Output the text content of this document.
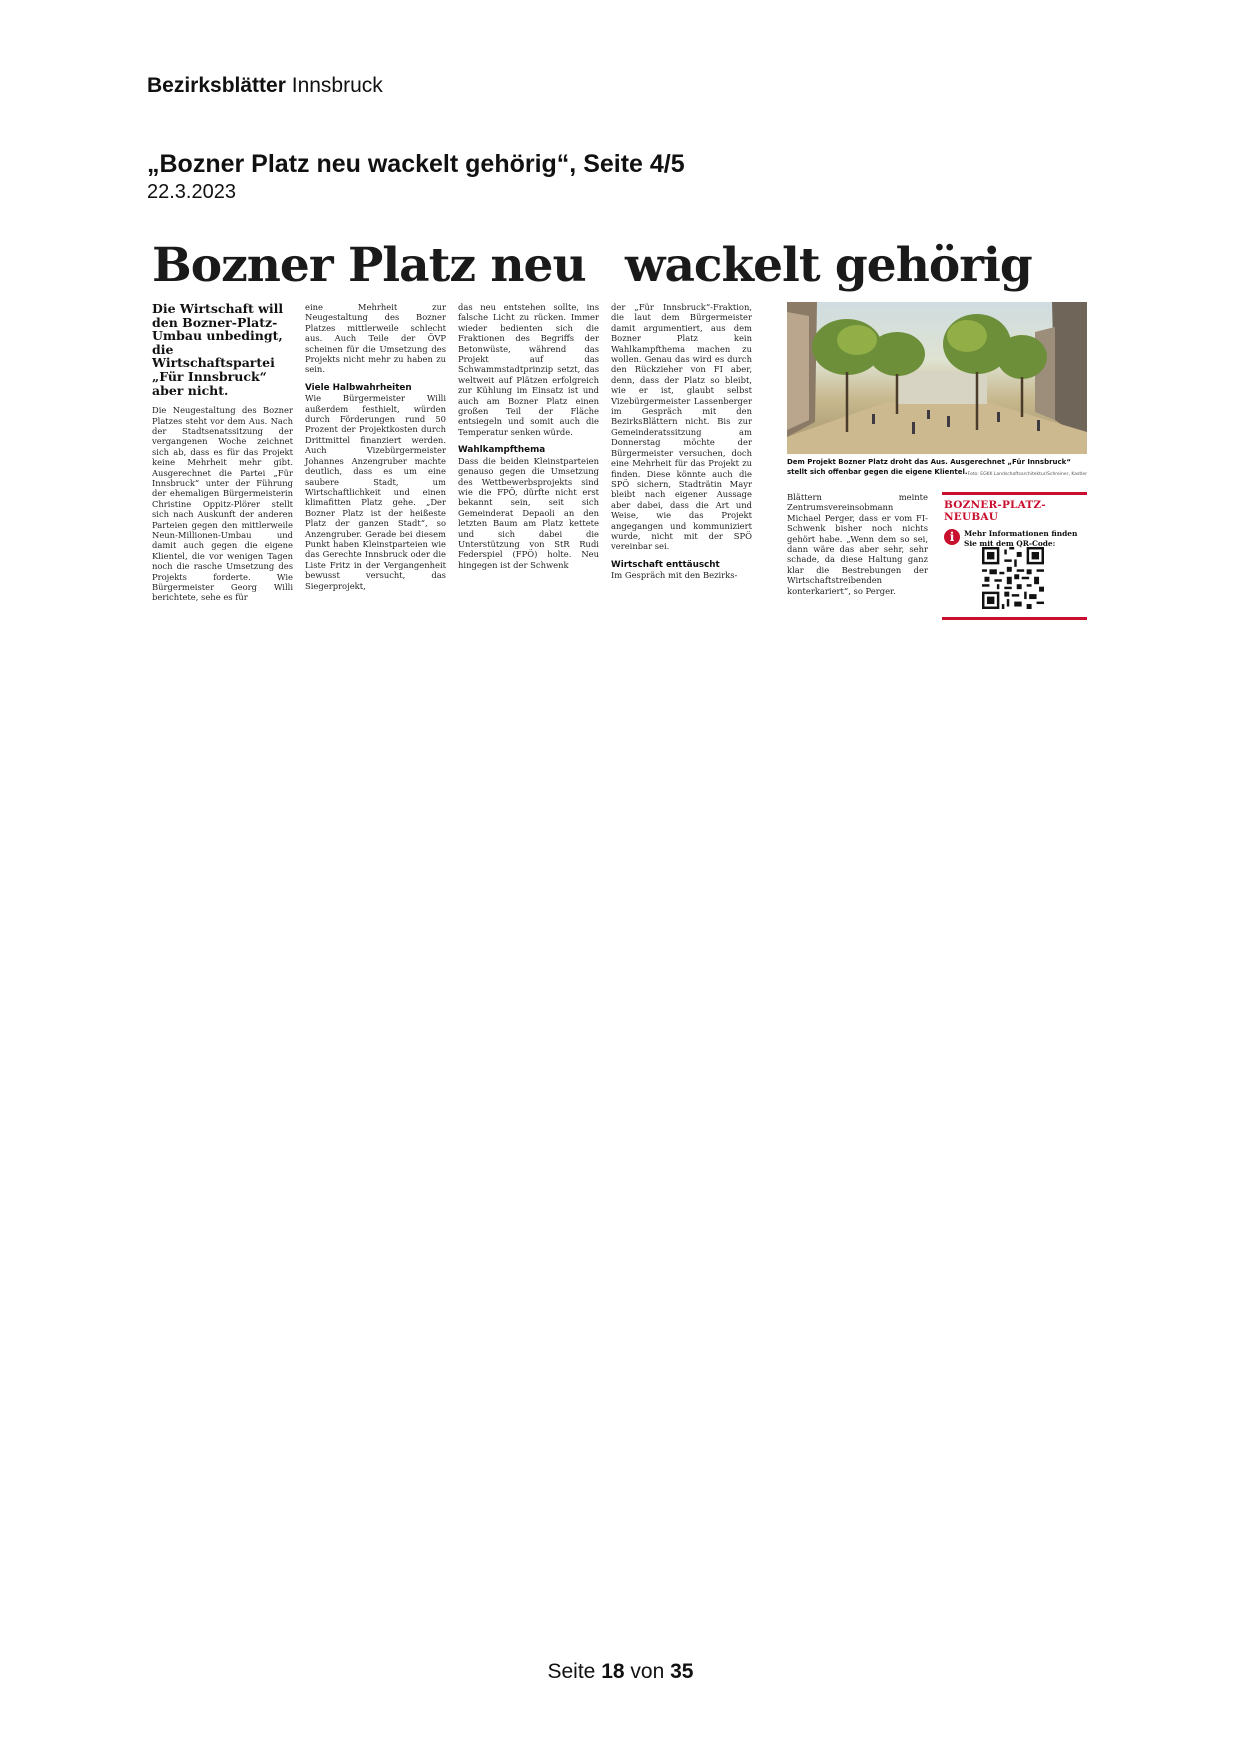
Bezirksblätter Innsbruck
„Bozner Platz neu wackelt gehörig“, Seite 4/5
22.3.2023
Bozner Platz neu wackelt gehörig

Die Wirtschaft will den Bozner-Platz-Umbau unbedingt, die Wirtschaftspartei „Für Innsbruck“ aber nicht.

Die Neugestaltung des Bozner Platzes steht vor dem Aus. Nach der Stadtsenatssitzung der vergangenen Woche zeichnet sich ab, dass es für das Projekt keine Mehrheit mehr gibt. Ausgerechnet die Partei „Für Innsbruck“ unter der Führung der ehemaligen Bürgermeisterin Christine Oppitz-Plörer stellt sich nach Auskunft der anderen Parteien gegen den mittlerweile Neun-Millionen-Umbau und damit auch gegen die eigene Klientel, die vor wenigen Tagen noch die rasche Umsetzung des Projekts forderte. Wie Bürgermeister Georg Willi berichtete, sehe es für

eine Mehrheit zur Neugestaltung des Bozner Platzes mittlerweile schlecht aus. Auch Teile der ÖVP scheinen für die Umsetzung des Projekts nicht mehr zu haben zu sein.

Viele Halbwahrheiten

Wie Bürgermeister Willi außerdem festhielt, würden durch Förderungen rund 50 Prozent der Projektkosten durch Drittmittel finanziert werden. Auch Vizebürgermeister Johannes Anzengruber machte deutlich, dass es um eine saubere Stadt, um Wirtschaftlichkeit und einen klimafitten Platz gehe. „Der Bozner Platz ist der heißeste Platz der ganzen Stadt“, so Anzengruber. Gerade bei diesem Punkt haben Kleinstparteien wie das Gerechte Innsbruck oder die Liste Fritz in der Vergangenheit bewusst versucht, das Siegerprojekt,

das neu entstehen sollte, ins falsche Licht zu rücken. Immer wieder bedienten sich die Fraktionen des Begriffs der Betonwüste, während das Projekt auf das Schwammstadtprinzip setzt, das weltweit auf Plätzen erfolgreich zur Kühlung im Einsatz ist und auch am Bozner Platz einen großen Teil der Fläche entsiegeln und somit auch die Temperatur senken würde.

Wahlkampfthema

Dass die beiden Kleinstparteien genauso gegen die Umsetzung des Wettbewerbsprojekts sind wie die FPÖ, dürfte nicht erst bekannt sein, seit sich Gemeinderat Depaoli an den letzten Baum am Platz kettete und sich dabei die Unterstützung von StR Rudi Federspiel (FPÖ) holte. Neu hingegen ist der Schwenk

der „Für Innsbruck“-Fraktion, die laut dem Bürgermeister damit argumentiert, aus dem Bozner Platz kein Wahlkampfthema machen zu wollen. Genau das wird es durch den Rückzieher von FI aber, denn, dass der Platz so bleibt, wie er ist, glaubt selbst Vizebürgermeister Lassenberger im Gespräch mit den BezirksBlättern nicht. Bis zur Gemeinderatssitzung am Donnerstag möchte der Bürgermeister versuchen, doch eine Mehrheit für das Projekt zu finden. Diese könnte auch die SPÖ sichern, Stadträtin Mayr bleibt nach eigener Aussage aber dabei, dass die Art und Weise, wie das Projekt angegangen und kommuniziert wurde, nicht mit der SPÖ vereinbar sei.

Wirtschaft enttäuscht

Im Gespräch mit den Bezirks-

Dem Projekt Bozner Platz droht das Aus. Ausgerechnet „Für Innsbruck“ stellt sich offenbar gegen die eigene Klientel. Foto: EGKK Landschaftsarchitektur/Schreiner, Kastler

Blättern meinte Zentrumsvereinsobmann Michael Perger, dass er vom FI-Schwenk bisher noch nichts gehört habe. „Wenn dem so sei, dann wäre das aber sehr, sehr schade, da diese Haltung ganz klar die Bestrebungen der Wirtschaftstreibenden konterkariert“, so Perger.

BOZNER-PLATZ-NEUBAU
i	Mehr Informationen finden Sie mit dem QR-Code:
Seite 18 von 35
